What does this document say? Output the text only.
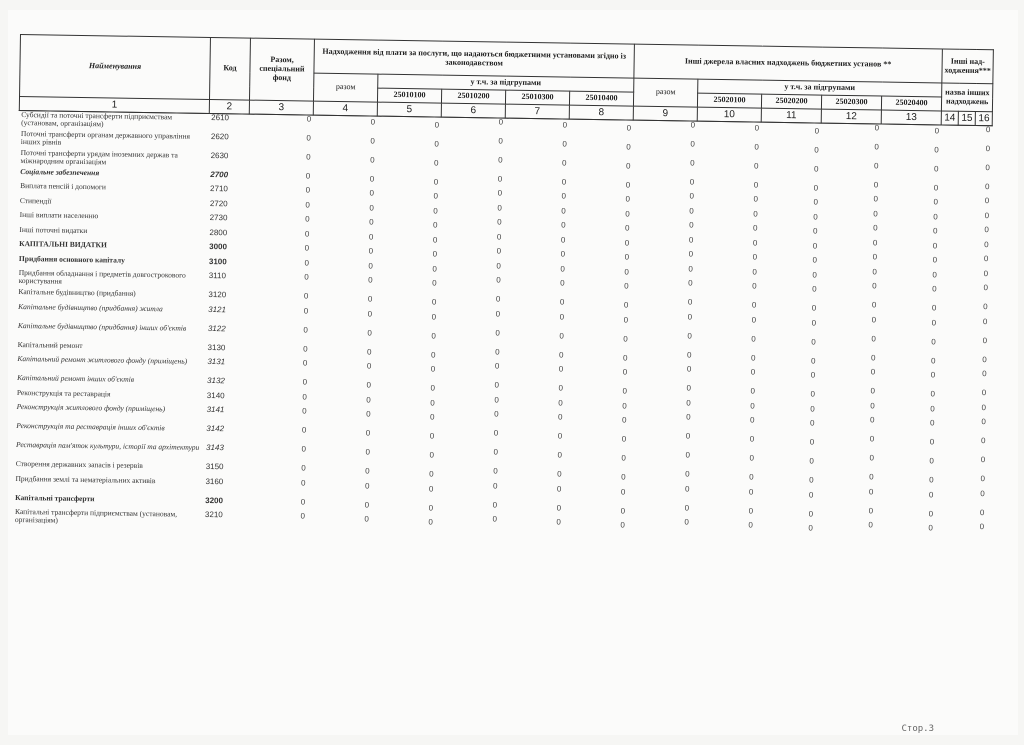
Найменування	Код	Разом, спеціальний фонд	Надходження від плати за послуги, що надаються бюджетними установами згідно із законодавством					Інші джерела власних надходжень бюджетних установ **					Інші над-ходження***		
			разом	у т.ч. за підгрупами				разом	у т.ч. за підгрупами				назва інших надходжень		
				25010100	25010200	25010300	25010400		25020100	25020200	25020300	25020400			
1	2	3	4	5	6	7	8	9	10	11	12	13	14	15	16
Субсидії та поточні трансферти підприємствам (установам, організаціям)	2610	0	0	0	0	0	0	0	0	0	0	0			0
Поточні трансферти органам державного управління інших рівнів	2620	0	0	0	0	0	0	0	0	0	0	0			0
Поточні трансферти урядам іноземних держав та міжнародним організаціям	2630	0	0	0	0	0	0	0	0	0	0	0			0
Соціальне забезпечення	2700	0	0	0	0	0	0	0	0	0	0	0			0
Виплата пенсій і допомоги	2710	0	0	0	0	0	0	0	0	0	0	0			0
Стипендії	2720	0	0	0	0	0	0	0	0	0	0	0			0
Інші виплати населенню	2730	0	0	0	0	0	0	0	0	0	0	0			0
Інші поточні видатки	2800	0	0	0	0	0	0	0	0	0	0	0			0
КАПІТАЛЬНІ ВИДАТКИ	3000	0	0	0	0	0	0	0	0	0	0	0			0
Придбання основного капіталу	3100	0	0	0	0	0	0	0	0	0	0	0			0
Придбання обладнання і предметів довгострокового користування	3110	0	0	0	0	0	0	0	0	0	0	0			0
Капітальне будівництво (придбання)	3120	0	0	0	0	0	0	0	0	0	0	0			0
Капітальне будівництво (придбання) житла	3121	0	0	0	0	0	0	0	0	0	0	0			0
Капітальне будівництво (придбання) інших об'єктів	3122	0	0	0	0	0	0	0	0	0	0	0			0
Капітальний ремонт	3130	0	0	0	0	0	0	0	0	0	0	0			0
Капітальний ремонт житлового фонду (приміщень)	3131	0	0	0	0	0	0	0	0	0	0	0			0
Капітальний ремонт інших об'єктів	3132	0	0	0	0	0	0	0	0	0	0	0			0
Реконструкція та реставрація	3140	0	0	0	0	0	0	0	0	0	0	0			0
Реконструкція житлового фонду (приміщень)	3141	0	0	0	0	0	0	0	0	0	0	0			0
Реконструкція та реставрація інших об'єктів	3142	0	0	0	0	0	0	0	0	0	0	0			0
Реставрація пам'яток культури, історії та архітектури	3143	0	0	0	0	0	0	0	0	0	0	0			0
Створення державних запасів і резервів	3150	0	0	0	0	0	0	0	0	0	0	0			0
Придбання землі та нематеріальних активів	3160	0	0	0	0	0	0	0	0	0	0	0			0
Капітальні трансферти	3200	0	0	0	0	0	0	0	0	0	0	0			0
Капітальні трансферти підприємствам (установам, організаціям)	3210	0	0	0	0	0	0	0	0	0	0	0			0
Стор.3
